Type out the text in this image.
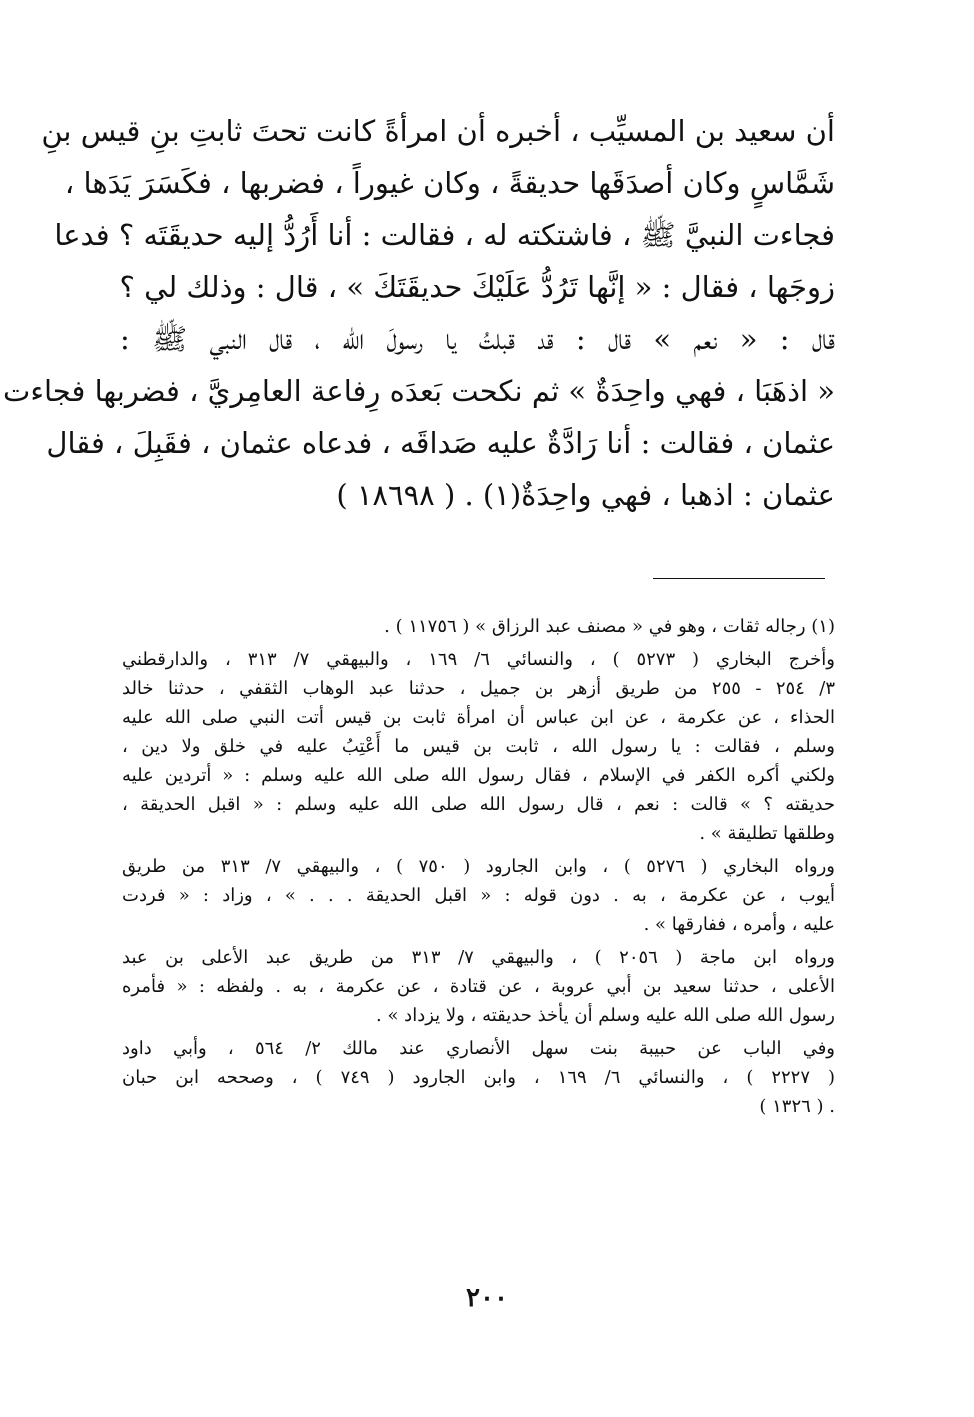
أن سعيد بن المسيِّب ، أخبره أن امرأةً كانت تحتَ ثابتِ بنِ قيس بنِ
شَمَّاسٍ وكان أصدَقَها حديقةً ، وكان غيوراً ، فضربها ، فكَسَرَ يَدَها ،
فجاءت النبيَّ ﷺ ، فاشتكته له ، فقالت : أنا أَرُدُّ إليه حديقَتَه ؟ فدعا
زوجَها ، فقال : « إنَّها تَرُدُّ عَلَيْكَ حديقَتَكَ » ، قال : وذلك لي ؟
قال : « نعم » قال : قد قبلتُ يا رسولَ الله ، قال النبي ﷺ :
« اذهَبَا ، فهي واحِدَةٌ » ثم نكحت بَعدَه رِفاعة العامِريَّ ، فضربها فجاءت
عثمان ، فقالت : أنا رَادَّةٌ عليه صَداقَه ، فدعاه عثمان ، فقَبِلَ ، فقال
عثمان : اذهبا ، فهي واحِدَةٌ(١) . ( ١٨٦٩٨ )
(١) رجاله ثقات ، وهو في « مصنف عبد الرزاق » ( ١١٧٥٦ ) .
وأخرج البخاري ( ٥٢٧٣ ) ، والنسائي ٦/ ١٦٩ ، والبيهقي ٧/ ٣١٣ ، والدارقطني
٣/ ٢٥٤ - ٢٥٥ من طريق أزهر بن جميل ، حدثنا عبد الوهاب الثقفي ، حدثنا خالد
الحذاء ، عن عكرمة ، عن ابن عباس أن امرأة ثابت بن قيس أتت النبي صلى الله عليه
وسلم ، فقالت : يا رسول الله ، ثابت بن قيس ما أَعْتِبُ عليه في خلق ولا دين ،
ولكني أكره الكفر في الإسلام ، فقال رسول الله صلى الله عليه وسلم : « أتردين عليه
حديقته ؟ » قالت : نعم ، قال رسول الله صلى الله عليه وسلم : « اقبل الحديقة ،
وطلقها تطليقة » .
ورواه البخاري ( ٥٢٧٦ ) ، وابن الجارود ( ٧٥٠ ) ، والبيهقي ٧/ ٣١٣ من طريق
أيوب ، عن عكرمة ، به . دون قوله : « اقبل الحديقة . . . » ، وزاد : « فردت
عليه ، وأمره ، ففارقها » .
ورواه ابن ماجة ( ٢٠٥٦ ) ، والبيهقي ٧/ ٣١٣ من طريق عبد الأعلى بن عبد
الأعلى ، حدثنا سعيد بن أبي عروبة ، عن قتادة ، عن عكرمة ، به . ولفظه : « فأمره
رسول الله صلى الله عليه وسلم أن يأخذ حديقته ، ولا يزداد » .
وفي الباب عن حبيبة بنت سهل الأنصاري عند مالك ٢/ ٥٦٤ ، وأبي داود
( ٢٢٢٧ ) ، والنسائي ٦/ ١٦٩ ، وابن الجارود ( ٧٤٩ ) ، وصححه ابن حبان
. ( ١٣٢٦ )
٢٠٠
